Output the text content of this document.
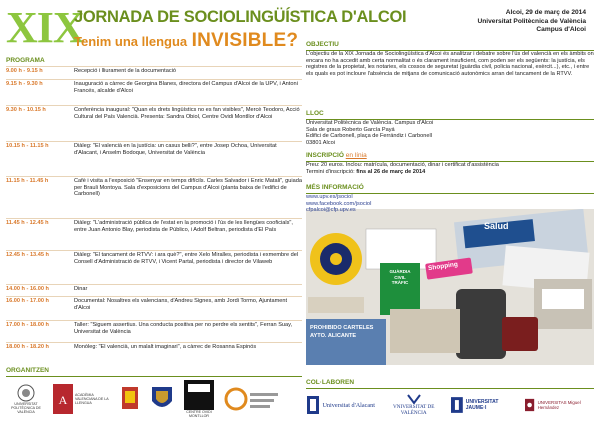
XIX
JORNADA DE SOCIOLINGÜÍSTICA D'ALCOI
Tenim una llengua INVISIBLE?
Alcoi, 29 de març de 2014
Universitat Politècnica de València
Campus d'Alcoi
PROGRAMA
9.00 h - 9.15 h	Recepció i lliurament de la documentació
9.15 h - 9.30 h	Inauguració a càrrec de Georgina Blanes, directora del Campus d'Alcoi de la UPV, i Antoni Francés, alcalde d'Alcoi
9.30 h - 10.15 h	Conferència inaugural: "Quan els drets lingüístics no es fan visibles", Mercè Teodoro, Acció Cultural del País Valencià. Presenta: Sandra Obiol, Centre Ovidi Montllor d'Alcoi
10.15 h - 11.15 h	Diàleg: "El valencià en la justícia: un casus belli?", entre Josep Ochoa, Universitat d'Alacant, i Anselm Bodoque, Universitat de València
11.15 h - 11.45 h	Cafè i visita a l'exposició "Ensenyar en temps difícils. Carles Salvador i Enric Matali", guiada per Brauli Montoya. Sala d'exposicions del Campus d'Alcoi (planta baixa de l'edifici de Carbonell)
11.45 h - 12.45 h	Diàleg: "L'administració pública de l'estat en la promoció i l'ús de les llengües cooficials", entre Juan Antonio Blay, periodista de Público, i Adolf Beltran, periodista d'El País
12.45 h - 13.45 h	Diàleg: "El tancament de RTVV: i ara què?", entre Xelo Miralles, periodista i exmembre del Consell d'Administració de RTVV, i Vicent Partal, periodista i director de Vilaweb
14.00 h - 16.00 h	Dinar
16.00 h - 17.00 h	Documental: Nosaltres els valencians, d'Andreu Signes, amb Jordi Tormo, Ajuntament d'Alcoi
17.00 h - 18.00 h	Taller: "Siguem assertius. Una conducta positiva per no perdre els sentits", Ferran Suay, Universitat de València
18.00 h - 18.20 h	Monòleg: "El valencià, un malalt imaginari", a càrrec de Rosanna Espinós
OBJECTIU
L'objectiu de la XIX Jornada de Sociolingüística d'Alcoi és analitzar i debatre sobre l'ús del valencià en els àmbits on encara no ha accedit amb certa normalitat o és clarament insuficient, com poden ser els següents: la justícia, els registres de la propietat, les notaries, els cossos de seguretat (guàrdia civil, policia nacional, exèrcit...), etc., i entre els quals es pot incloure l'absència de mitjans de comunicació autonòmics arran del tancament de la RTVV.
LLOC
Universitat Politècnica de València. Campus d'Alcoi
Sala de graus Roberto García Payá
Edifici de Carbonell, plaça de Ferrándiz i Carbonell
03801 Alcoi
INSCRIPCIÓ en línia
Preu: 20 euros. Inclou: matrícula, documentació, dinar i certificat d'assistència
Termini d'inscripció: fins al 26 de març de 2014
MÉS INFORMACIÓ
Salud
Shopping
GUÀRDIA
CIVIL
TRÀFIC
PROHIBIDO CARTELES
AYTO. ALICANTE
www.upv.es/jsocioI
www.facebook.com/jsocioI
cfpalcoi@cfp.upv.es
ORGANITZEN
UNIVERSITAT POLITÈCNICA DE VALÈNCIA
A ACADÈMIA VALENCIANA DE LA LLENGUA
CENTRE OVIDI MONTLLOR
COL·LABOREN
Universitat d'Alacant	VNIVERSITAT DE VALÈNCIA
UNIVERSITAT JAUME·I
UNIVERSITAS Miguel Hernández
